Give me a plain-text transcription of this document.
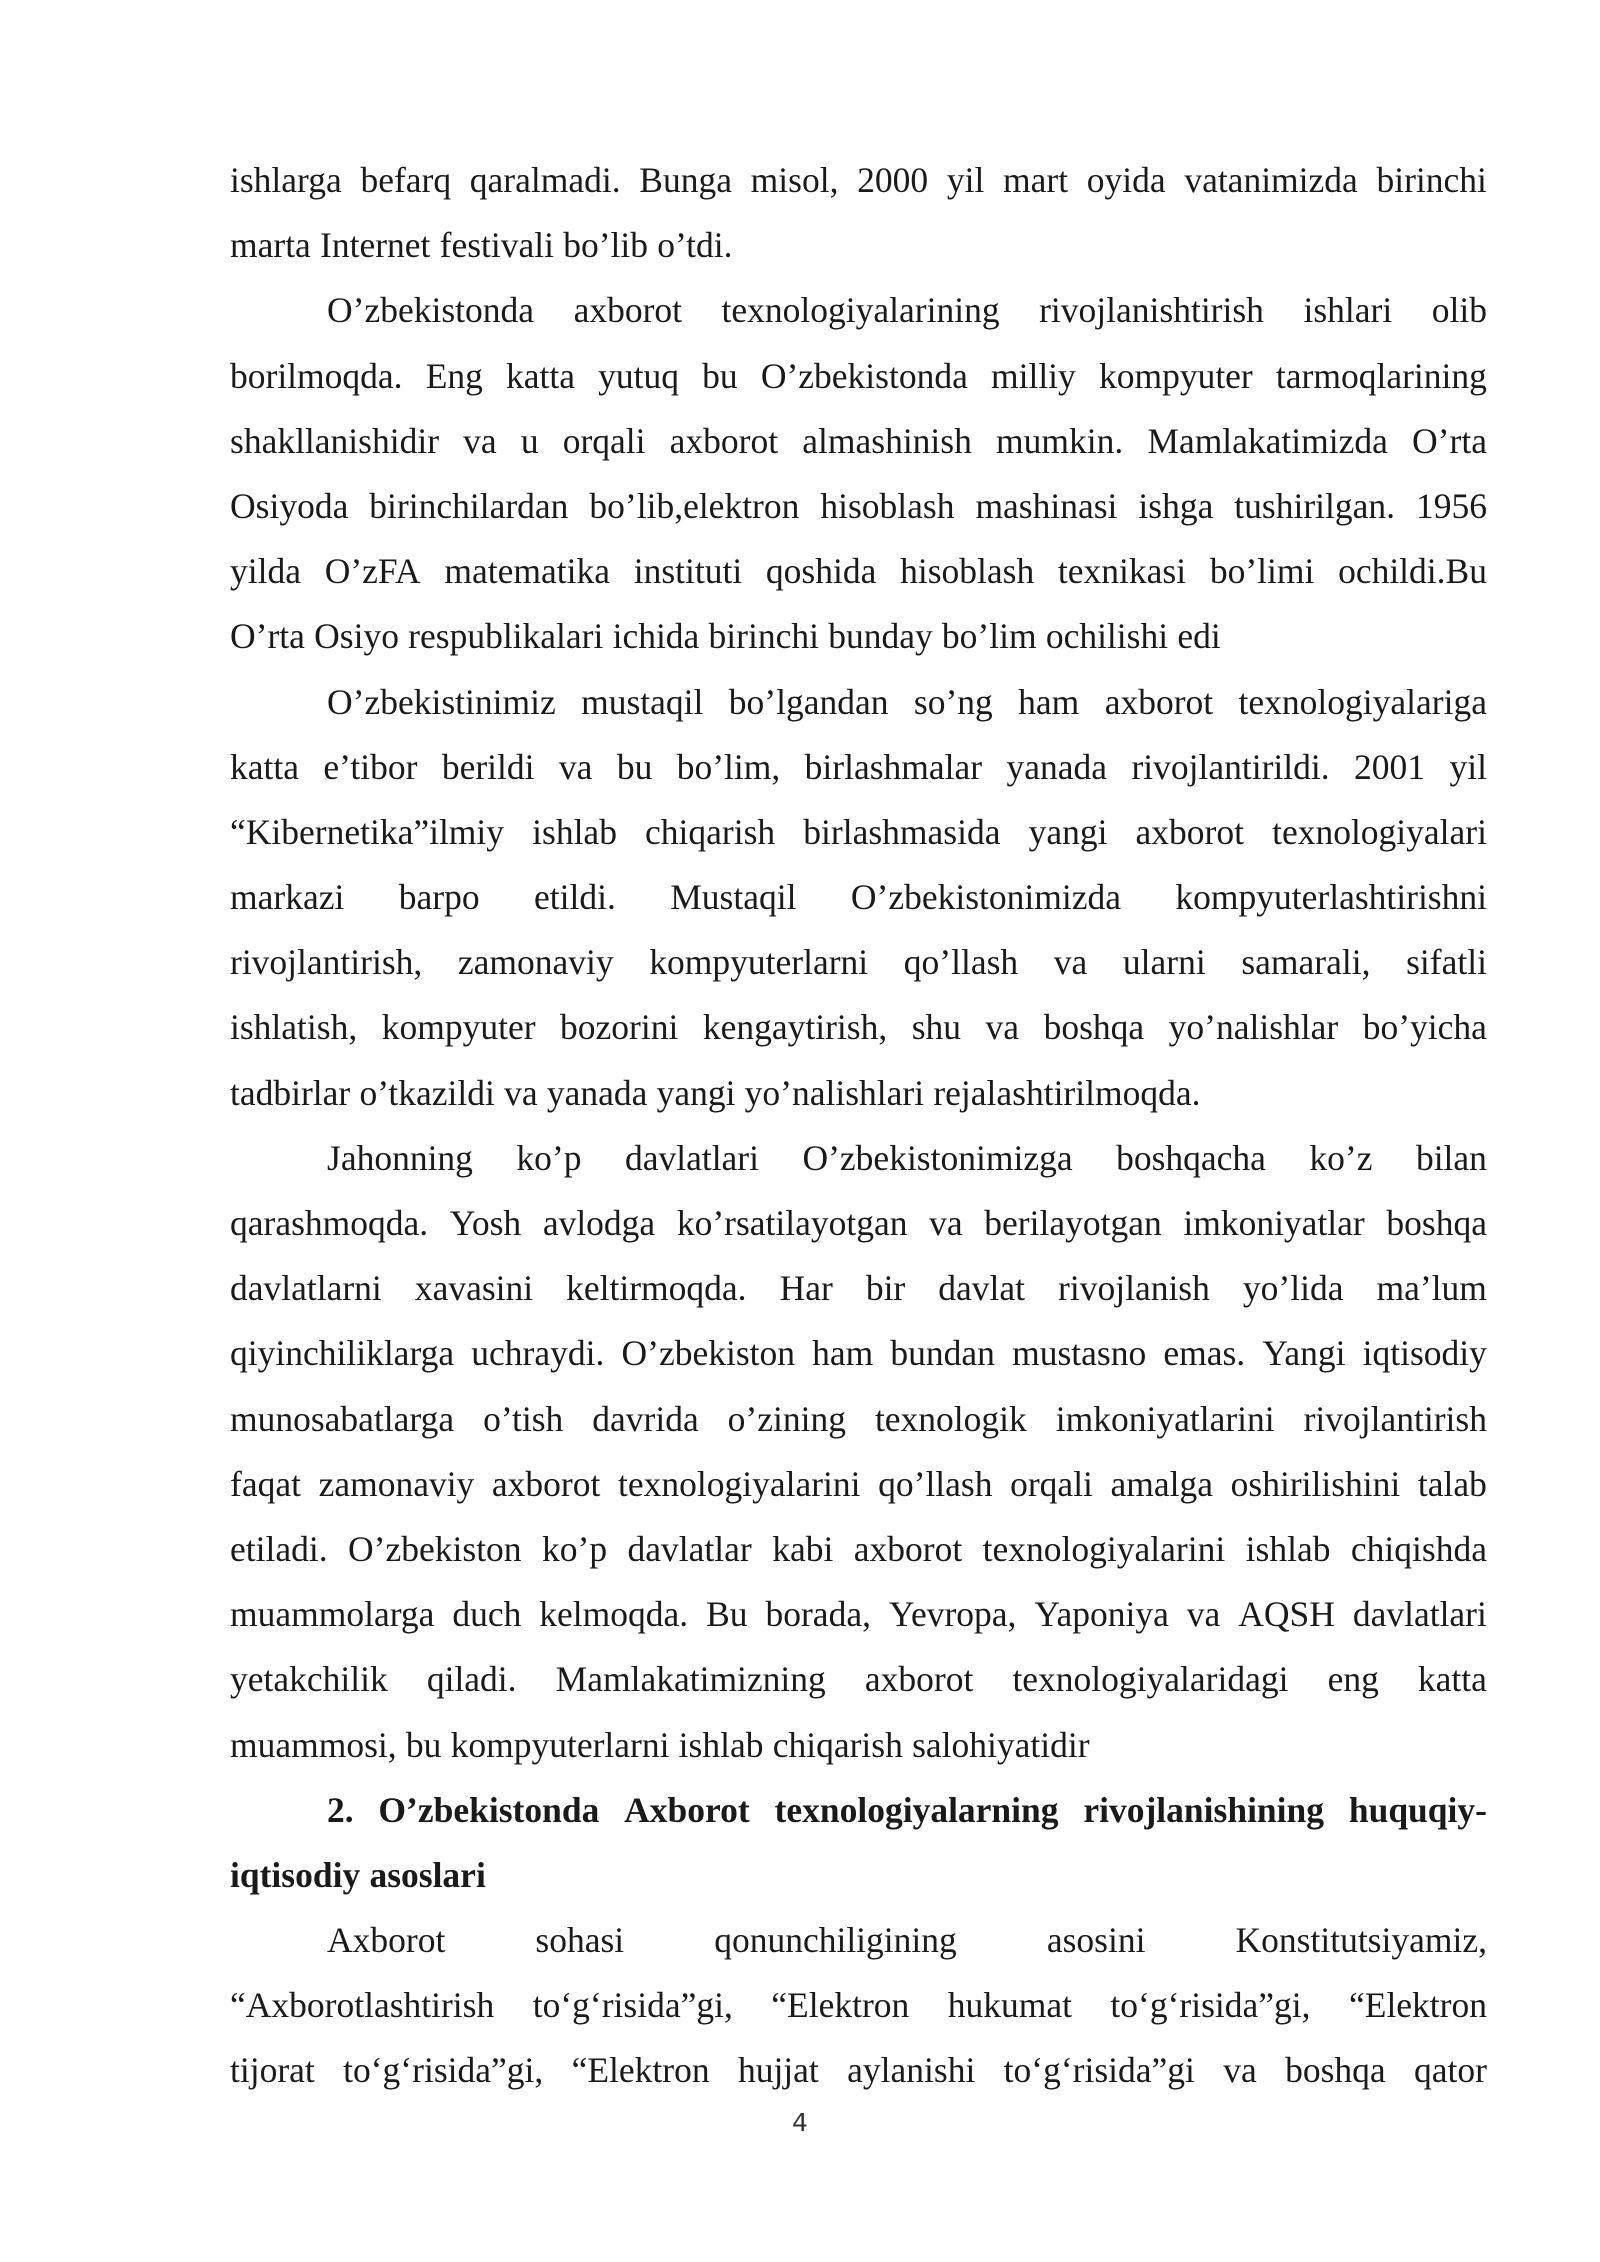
ishlarga befarq qaralmadi. Bunga misol, 2000 yil mart oyida vatanimizda birinchi
marta Internet festivali bo’lib o’tdi.
O’zbekistonda axborot texnologiyalarining rivojlanishtirish ishlari olib
borilmoqda. Eng katta yutuq bu O’zbekistonda milliy kompyuter tarmoqlarining
shakllanishidir va u orqali axborot almashinish mumkin. Mamlakatimizda O’rta
Osiyoda birinchilardan bo’lib,elektron hisoblash mashinasi ishga tushirilgan. 1956
yilda O’zFA matematika instituti qoshida hisoblash texnikasi bo’limi ochildi.Bu
O’rta Osiyo respublikalari ichida birinchi bunday bo’lim ochilishi edi
O’zbekistinimiz mustaqil bo’lgandan so’ng ham axborot texnologiyalariga
katta e’tibor berildi va bu bo’lim, birlashmalar yanada rivojlantirildi. 2001 yil
“Kibernetika”ilmiy ishlab chiqarish birlashmasida yangi axborot texnologiyalari
markazi barpo etildi. Mustaqil O’zbekistonimizda kompyuterlashtirishni
rivojlantirish, zamonaviy kompyuterlarni qo’llash va ularni samarali, sifatli
ishlatish, kompyuter bozorini kengaytirish, shu va boshqa yo’nalishlar bo’yicha
tadbirlar o’tkazildi va yanada yangi yo’nalishlari rejalashtirilmoqda.
Jahonning ko’p davlatlari O’zbekistonimizga boshqacha ko’z bilan
qarashmoqda. Yosh avlodga ko’rsatilayotgan va berilayotgan imkoniyatlar boshqa
davlatlarni xavasini keltirmoqda. Har bir davlat rivojlanish yo’lida ma’lum
qiyinchiliklarga uchraydi. O’zbekiston ham bundan mustasno emas. Yangi iqtisodiy
munosabatlarga o’tish davrida o’zining texnologik imkoniyatlarini rivojlantirish
faqat zamonaviy axborot texnologiyalarini qo’llash orqali amalga oshirilishini talab
etiladi. O’zbekiston ko’p davlatlar kabi axborot texnologiyalarini ishlab chiqishda
muammolarga duch kelmoqda. Bu borada, Yevropa, Yaponiya va AQSH davlatlari
yetakchilik qiladi. Mamlakatimizning axborot texnologiyalaridagi eng katta
muammosi, bu kompyuterlarni ishlab chiqarish salohiyatidir
2. O’zbekistonda Axborot texnologiyalarning rivojlanishining huquqiy-
iqtisodiy asoslari
Axborot	sohasi	qonunchiligining	asosini	Konstitutsiyamiz,
“Axborotlashtirish to‘g‘risida”gi, “Elektron hukumat to‘g‘risida”gi, “Elektron
tijorat to‘g‘risida”gi, “Elektron hujjat aylanishi to‘g‘risida”gi va boshqa qator
4
